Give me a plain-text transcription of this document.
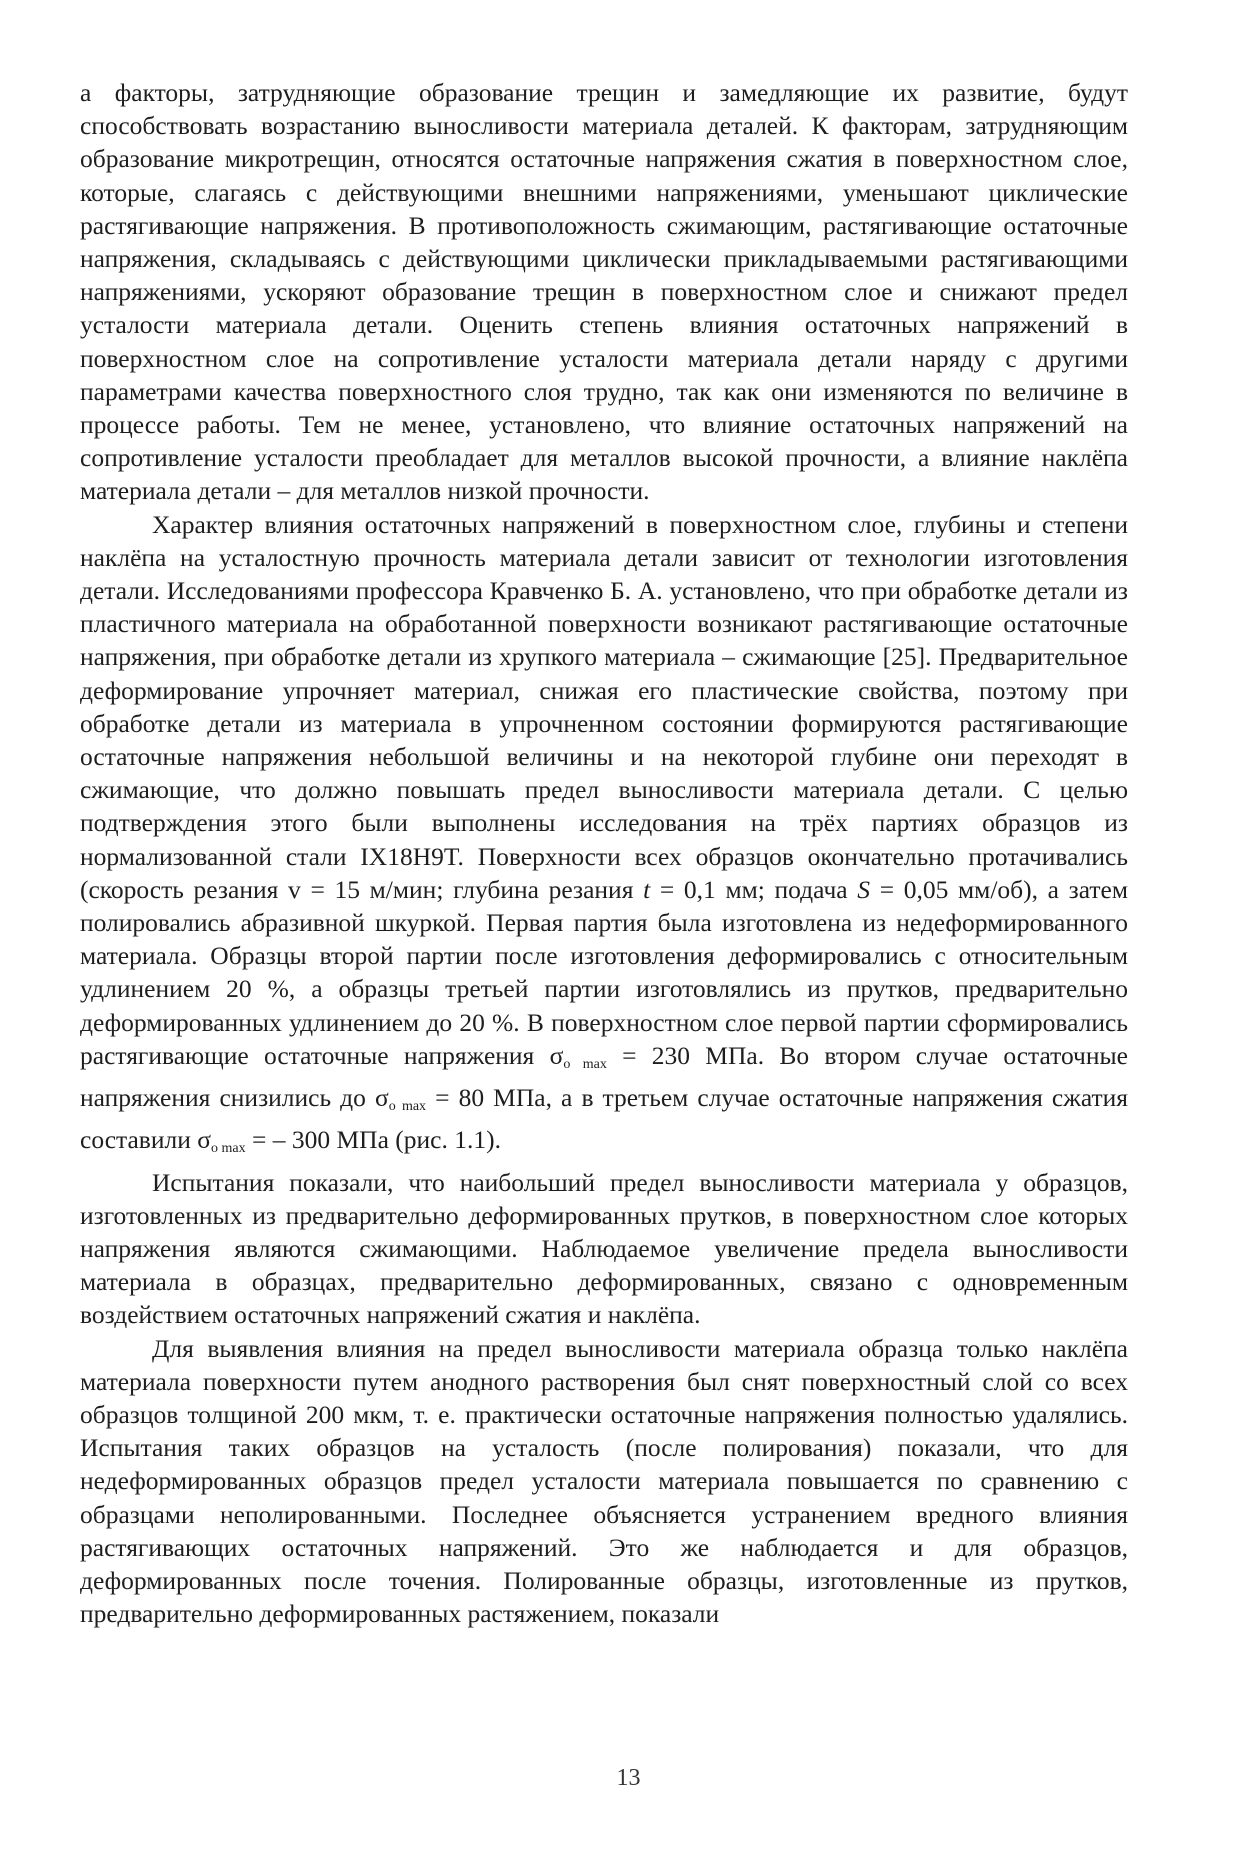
а факторы, затрудняющие образование трещин и замедляющие их развитие, будут способствовать возрастанию выносливости материала деталей. К факторам, затрудняющим образование микротрещин, относятся остаточные напряжения сжатия в поверхностном слое, которые, слагаясь с действующими внешними напряжениями, уменьшают циклические растягивающие напряжения. В противоположность сжимающим, растягивающие остаточные напряжения, складываясь с действующими циклически прикладываемыми растягивающими напряжениями, ускоряют образование трещин в поверхностном слое и снижают предел усталости материала детали. Оценить степень влияния остаточных напряжений в поверхностном слое на сопротивление усталости материала детали наряду с другими параметрами качества поверхностного слоя трудно, так как они изменяются по величине в процессе работы. Тем не менее, установлено, что влияние остаточных напряжений на сопротивление усталости преобладает для металлов высокой прочности, а влияние наклёпа материала детали – для металлов низкой прочности.

Характер влияния остаточных напряжений в поверхностном слое, глубины и степени наклёпа на усталостную прочность материала детали зависит от технологии изготовления детали. Исследованиями профессора Кравченко Б. А. установлено, что при обработке детали из пластичного материала на обработанной поверхности возникают растягивающие остаточные напряжения, при обработке детали из хрупкого материала – сжимающие [25]. Предварительное деформирование упрочняет материал, снижая его пластические свойства, поэтому при обработке детали из материала в упрочненном состоянии формируются растягивающие остаточные напряжения небольшой величины и на некоторой глубине они переходят в сжимающие, что должно повышать предел выносливости материала детали. С целью подтверждения этого были выполнены исследования на трёх партиях образцов из нормализованной стали IX18H9T. Поверхности всех образцов окончательно протачивались (скорость резания v = 15 м/мин; глубина резания t = 0,1 мм; подача S = 0,05 мм/об), а затем полировались абразивной шкуркой. Первая партия была изготовлена из недеформированного материала. Образцы второй партии после изготовления деформировались с относительным удлинением 20 %, а образцы третьей партии изготовлялись из прутков, предварительно деформированных удлинением до 20 %. В поверхностном слое первой партии сформировались растягивающие остаточные напряжения $\sigma_{o max} = 230$ МПа. Во втором случае остаточные напряжения снизились до $\sigma_{o max} = 80$ МПа, а в третьем случае остаточные напряжения сжатия составили $\sigma_{o max}$ = – 300 МПа (рис. 1.1).

Испытания показали, что наибольший предел выносливости материала у образцов, изготовленных из предварительно деформированных прутков, в поверхностном слое которых напряжения являются сжимающими. Наблюдаемое увеличение предела выносливости материала в образцах, предварительно деформированных, связано с одновременным воздействием остаточных напряжений сжатия и наклёпа.

Для выявления влияния на предел выносливости материала образца только наклёпа материала поверхности путем анодного растворения был снят поверхностный слой со всех образцов толщиной 200 мкм, т. е. практически остаточные напряжения полностью удалялись. Испытания таких образцов на усталость (после полирования) показали, что для недеформированных образцов предел усталости материала повышается по сравнению с образцами неполированными. Последнее объясняется устранением вредного влияния растягивающих остаточных напряжений. Это же наблюдается и для образцов, деформированных после точения. Полированные образцы, изготовленные из прутков, предварительно деформированных растяжением, показали

13
